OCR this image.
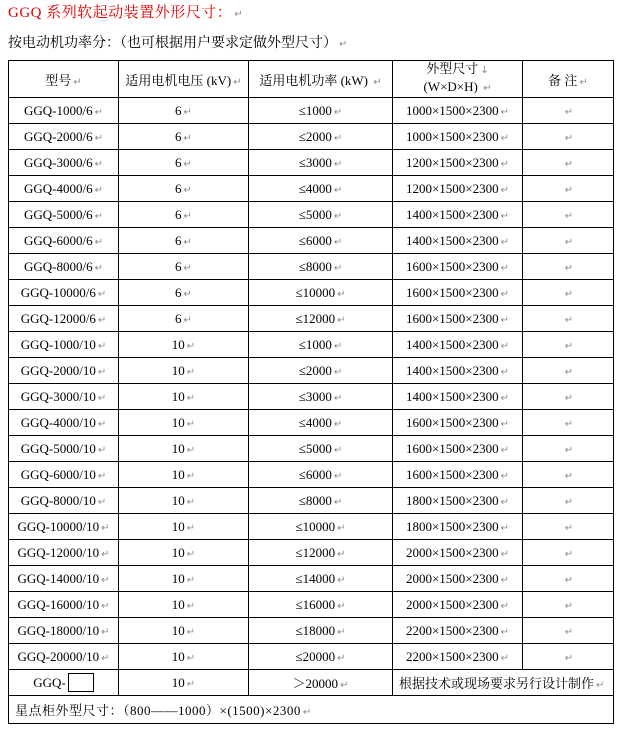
GGQ 系列软起动装置外形尺寸： ↵
按电动机功率分：（也可根据用户要求定做外型尺寸） ↵
型号 ↵	适用电机电压 (kV) ↵	适用电机功率 (kW) ↵	外型尺寸 ↓
(W×D×H) ↵	备 注 ↵
GGQ-1000/6 ↵	6 ↵	≤1000 ↵	1000×1500×2300 ↵	↵
GGQ-2000/6 ↵	6 ↵	≤2000 ↵	1000×1500×2300 ↵	↵
GGQ-3000/6 ↵	6 ↵	≤3000 ↵	1200×1500×2300 ↵	↵
GGQ-4000/6 ↵	6 ↵	≤4000 ↵	1200×1500×2300 ↵	↵
GGQ-5000/6 ↵	6 ↵	≤5000 ↵	1400×1500×2300 ↵	↵
GGQ-6000/6 ↵	6 ↵	≤6000 ↵	1400×1500×2300 ↵	↵
GGQ-8000/6 ↵	6 ↵	≤8000 ↵	1600×1500×2300 ↵	↵
GGQ-10000/6 ↵	6 ↵	≤10000 ↵	1600×1500×2300 ↵	↵
GGQ-12000/6 ↵	6 ↵	≤12000 ↵	1600×1500×2300 ↵	↵
GGQ-1000/10 ↵	10 ↵	≤1000 ↵	1400×1500×2300 ↵	↵
GGQ-2000/10 ↵	10 ↵	≤2000 ↵	1400×1500×2300 ↵	↵
GGQ-3000/10 ↵	10 ↵	≤3000 ↵	1400×1500×2300 ↵	↵
GGQ-4000/10 ↵	10 ↵	≤4000 ↵	1600×1500×2300 ↵	↵
GGQ-5000/10 ↵	10 ↵	≤5000 ↵	1600×1500×2300 ↵	↵
GGQ-6000/10 ↵	10 ↵	≤6000 ↵	1600×1500×2300 ↵	↵
GGQ-8000/10 ↵	10 ↵	≤8000 ↵	1800×1500×2300 ↵	↵
GGQ-10000/10 ↵	10 ↵	≤10000 ↵	1800×1500×2300 ↵	↵
GGQ-12000/10 ↵	10 ↵	≤12000 ↵	2000×1500×2300 ↵	↵
GGQ-14000/10 ↵	10 ↵	≤14000 ↵	2000×1500×2300 ↵	↵
GGQ-16000/10 ↵	10 ↵	≤16000 ↵	2000×1500×2300 ↵	↵
GGQ-18000/10 ↵	10 ↵	≤18000 ↵	2200×1500×2300 ↵	↵
GGQ-20000/10 ↵	10 ↵	≤20000 ↵	2200×1500×2300 ↵	↵
GGQ-	10 ↵	＞20000 ↵	根据技术或现场要求另行设计制作 ↵	
星点柜外型尺寸：（800——1000）×(1500)×2300 ↵				
